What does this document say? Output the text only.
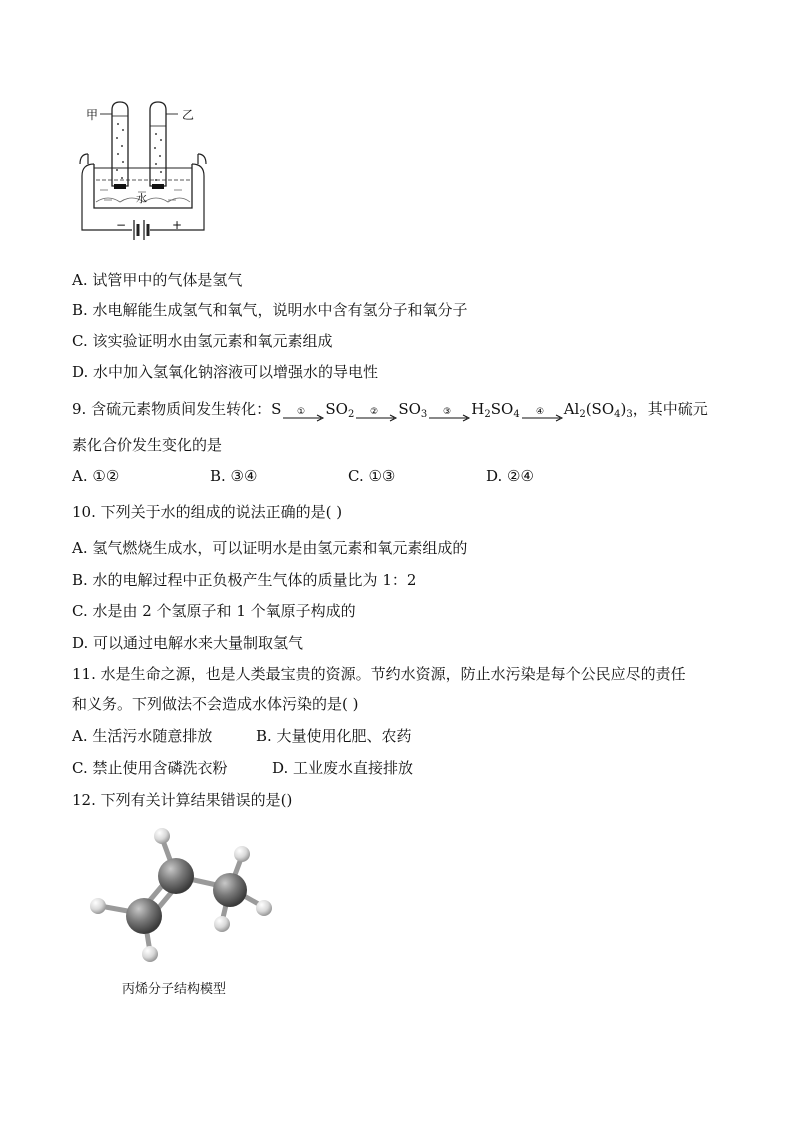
甲	乙
水
−	+
A. 试管甲中的气体是氢气
B. 水电解能生成氢气和氧气，说明水中含有氢分子和氧分子
C. 该实验证明水由氢元素和氧元素组成
D. 水中加入氢氧化钠溶液可以增强水的导电性
9. 含硫元素物质间发生转化：S ① $SO_2$ ② $SO_3$ ③ $H_2SO_4$ ④ $Al_2(SO_4)_3$，其中硫元
素化合价发生变化的是
A. ①②	B. ③④	C. ①③	D. ②④
10. 下列关于水的组成的说法正确的是( )
A. 氢气燃烧生成水，可以证明水是由氢元素和氧元素组成的
B. 水的电解过程中正负极产生气体的质量比为 1：2
C. 水是由 2 个氢原子和 1 个氧原子构成的
D. 可以通过电解水来大量制取氢气
11. 水是生命之源，也是人类最宝贵的资源。节约水资源，防止水污染是每个公民应尽的责任
和义务。下列做法不会造成水体污染的是( )
A. 生活污水随意排放	B. 大量使用化肥、农药
C. 禁止使用含磷洗衣粉	D. 工业废水直接排放
12. 下列有关计算结果错误的是()
丙烯分子结构模型
